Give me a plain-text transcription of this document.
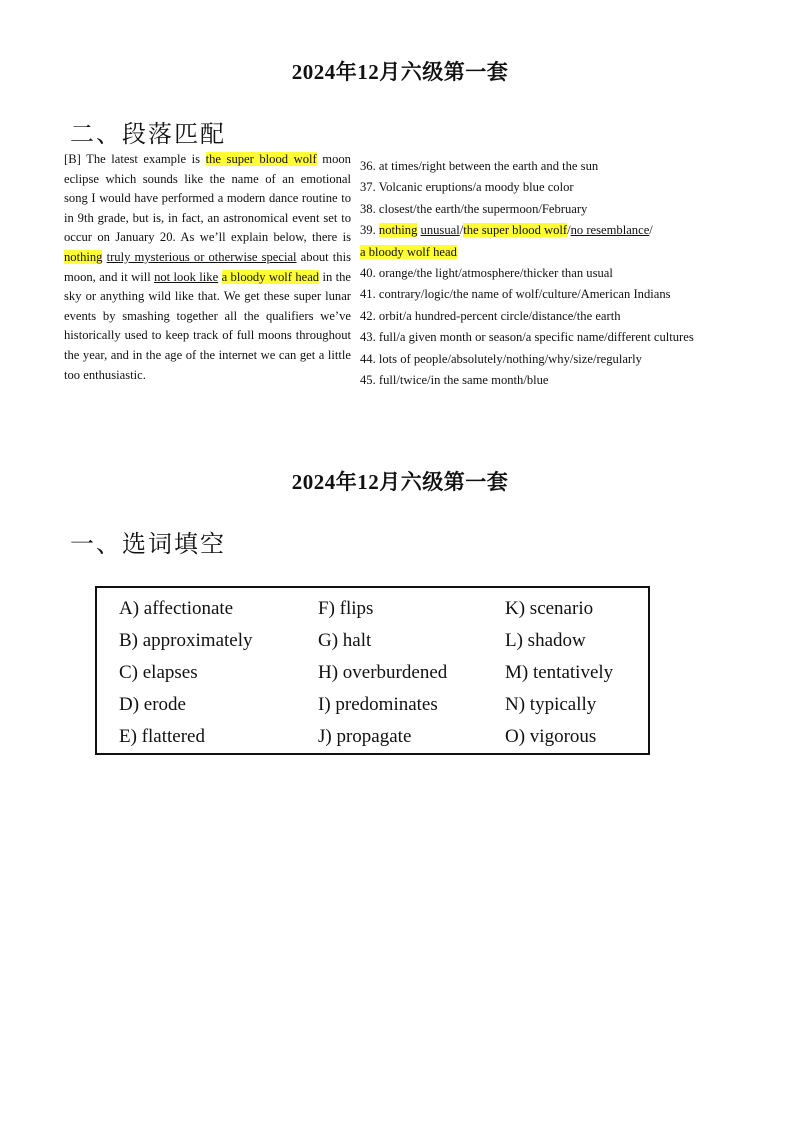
2024年12月六级第一套
二、段落匹配
[B] The latest example is the super blood wolf moon eclipse which sounds like the name of an emotional song I would have performed a modern dance routine to in 9th grade, but is, in fact, an astronomical event set to occur on January 20. As we’ll explain below, there is nothing truly mysterious or otherwise special about this moon, and it will not look like a bloody wolf head in the sky or anything wild like that. We get these super lunar events by smashing together all the qualifiers we’ve historically used to keep track of full moons throughout the year, and in the age of the internet we can get a little too enthusiastic.
36. at times/right between the earth and the sun
37. Volcanic eruptions/a moody blue color
38. closest/the earth/the supermoon/February
39. nothing unusual/the super blood wolf/no resemblance/
a bloody wolf head
40. orange/the light/atmosphere/thicker than usual
41. contrary/logic/the name of wolf/culture/American Indians
42. orbit/a hundred-percent circle/distance/the earth
43. full/a given month or season/a specific name/different cultures
44. lots of people/absolutely/nothing/why/size/regularly
45. full/twice/in the same month/blue
2024年12月六级第一套
一、选词填空
A) affectionate	F) flips	K) scenario
B) approximately	G) halt	L) shadow
C) elapses	H) overburdened	M) tentatively
D) erode	I) predominates	N) typically
E) flattered	J) propagate	O) vigorous
